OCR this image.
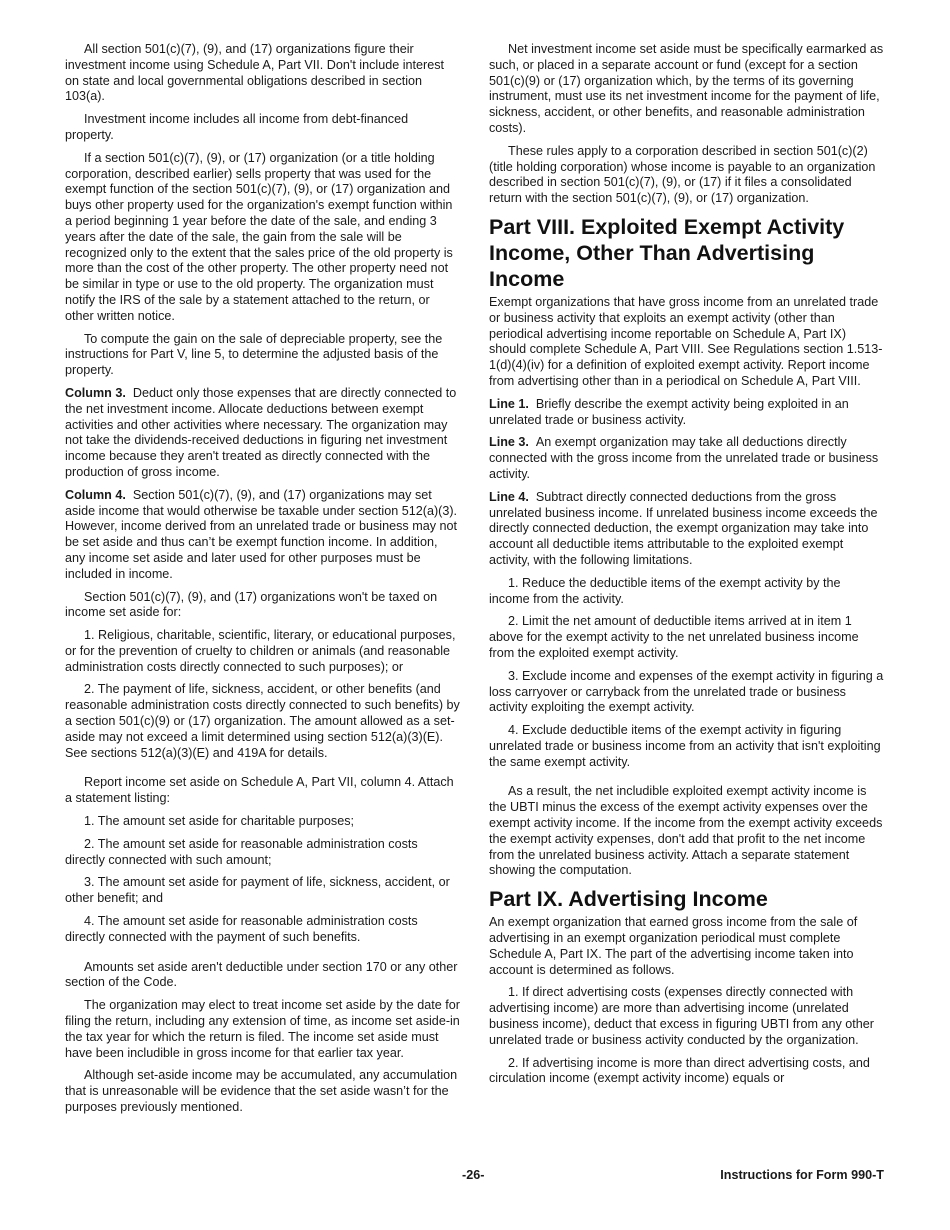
All section 501(c)(7), (9), and (17) organizations figure their investment income using Schedule A, Part VII. Don't include interest on state and local governmental obligations described in section 103(a).

Investment income includes all income from debt-financed property.

If a section 501(c)(7), (9), or (17) organization (or a title holding corporation, described earlier) sells property that was used for the exempt function of the section 501(c)(7), (9), or (17) organization and buys other property used for the organization's exempt function within a period beginning 1 year before the date of the sale, and ending 3 years after the date of the sale, the gain from the sale will be recognized only to the extent that the sales price of the old property is more than the cost of the other property. The other property need not be similar in type or use to the old property. The organization must notify the IRS of the sale by a statement attached to the return, or other written notice.

To compute the gain on the sale of depreciable property, see the instructions for Part V, line 5, to determine the adjusted basis of the property.

Column 3. Deduct only those expenses that are directly connected to the net investment income. Allocate deductions between exempt activities and other activities where necessary. The organization may not take the dividends-received deductions in figuring net investment income because they aren't treated as directly connected with the production of gross income.

Column 4. Section 501(c)(7), (9), and (17) organizations may set aside income that would otherwise be taxable under section 512(a)(3). However, income derived from an unrelated trade or business may not be set aside and thus can’t be exempt function income. In addition, any income set aside and later used for other purposes must be included in income.

Section 501(c)(7), (9), and (17) organizations won't be taxed on income set aside for:

1. Religious, charitable, scientific, literary, or educational purposes, or for the prevention of cruelty to children or animals (and reasonable administration costs directly connected to such purposes); or

2. The payment of life, sickness, accident, or other benefits (and reasonable administration costs directly connected to such benefits) by a section 501(c)(9) or (17) organization. The amount allowed as a set-aside may not exceed a limit determined using section 512(a)(3)(E). See sections 512(a)(3)(E) and 419A for details.

Report income set aside on Schedule A, Part VII, column 4. Attach a statement listing:

1. The amount set aside for charitable purposes;

2. The amount set aside for reasonable administration costs directly connected with such amount;

3. The amount set aside for payment of life, sickness, accident, or other benefit; and

4. The amount set aside for reasonable administration costs directly connected with the payment of such benefits.

Amounts set aside aren't deductible under section 170 or any other section of the Code.

The organization may elect to treat income set aside by the date for filing the return, including any extension of time, as income set aside-in the tax year for which the return is filed. The income set aside must have been includible in gross income for that earlier tax year.

Although set-aside income may be accumulated, any accumulation that is unreasonable will be evidence that the set aside wasn’t for the purposes previously mentioned.

Net investment income set aside must be specifically earmarked as such, or placed in a separate account or fund (except for a section 501(c)(9) or (17) organization which, by the terms of its governing instrument, must use its net investment income for the payment of life, sickness, accident, or other benefits, and reasonable administration costs).

These rules apply to a corporation described in section 501(c)(2) (title holding corporation) whose income is payable to an organization described in section 501(c)(7), (9), or (17) if it files a consolidated return with the section 501(c)(7), (9), or (17) organization.

Part VIII. Exploited Exempt Activity Income, Other Than Advertising Income

Exempt organizations that have gross income from an unrelated trade or business activity that exploits an exempt activity (other than periodical advertising income reportable on Schedule A, Part IX) should complete Schedule A, Part VIII. See Regulations section 1.513-1(d)(4)(iv) for a definition of exploited exempt activity. Report income from advertising other than in a periodical on Schedule A, Part VIII.

Line 1. Briefly describe the exempt activity being exploited in an unrelated trade or business activity.

Line 3. An exempt organization may take all deductions directly connected with the gross income from the unrelated trade or business activity.

Line 4. Subtract directly connected deductions from the gross unrelated business income. If unrelated business income exceeds the directly connected deduction, the exempt organization may take into account all deductible items attributable to the exploited exempt activity, with the following limitations.

1. Reduce the deductible items of the exempt activity by the income from the activity.

2. Limit the net amount of deductible items arrived at in item 1 above for the exempt activity to the net unrelated business income from the exploited exempt activity.

3. Exclude income and expenses of the exempt activity in figuring a loss carryover or carryback from the unrelated trade or business activity exploiting the exempt activity.

4. Exclude deductible items of the exempt activity in figuring unrelated trade or business income from an activity that isn't exploiting the same exempt activity.

As a result, the net includible exploited exempt activity income is the UBTI minus the excess of the exempt activity expenses over the exempt activity income. If the income from the exempt activity exceeds the exempt activity expenses, don't add that profit to the net income from the unrelated business activity. Attach a separate statement showing the computation.

Part IX. Advertising Income

An exempt organization that earned gross income from the sale of advertising in an exempt organization periodical must complete Schedule A, Part IX. The part of the advertising income taken into account is determined as follows.

1. If direct advertising costs (expenses directly connected with advertising income) are more than advertising income (unrelated business income), deduct that excess in figuring UBTI from any other unrelated trade or business activity conducted by the organization.

2. If advertising income is more than direct advertising costs, and circulation income (exempt activity income) equals or

-26-	Instructions for Form 990-T
